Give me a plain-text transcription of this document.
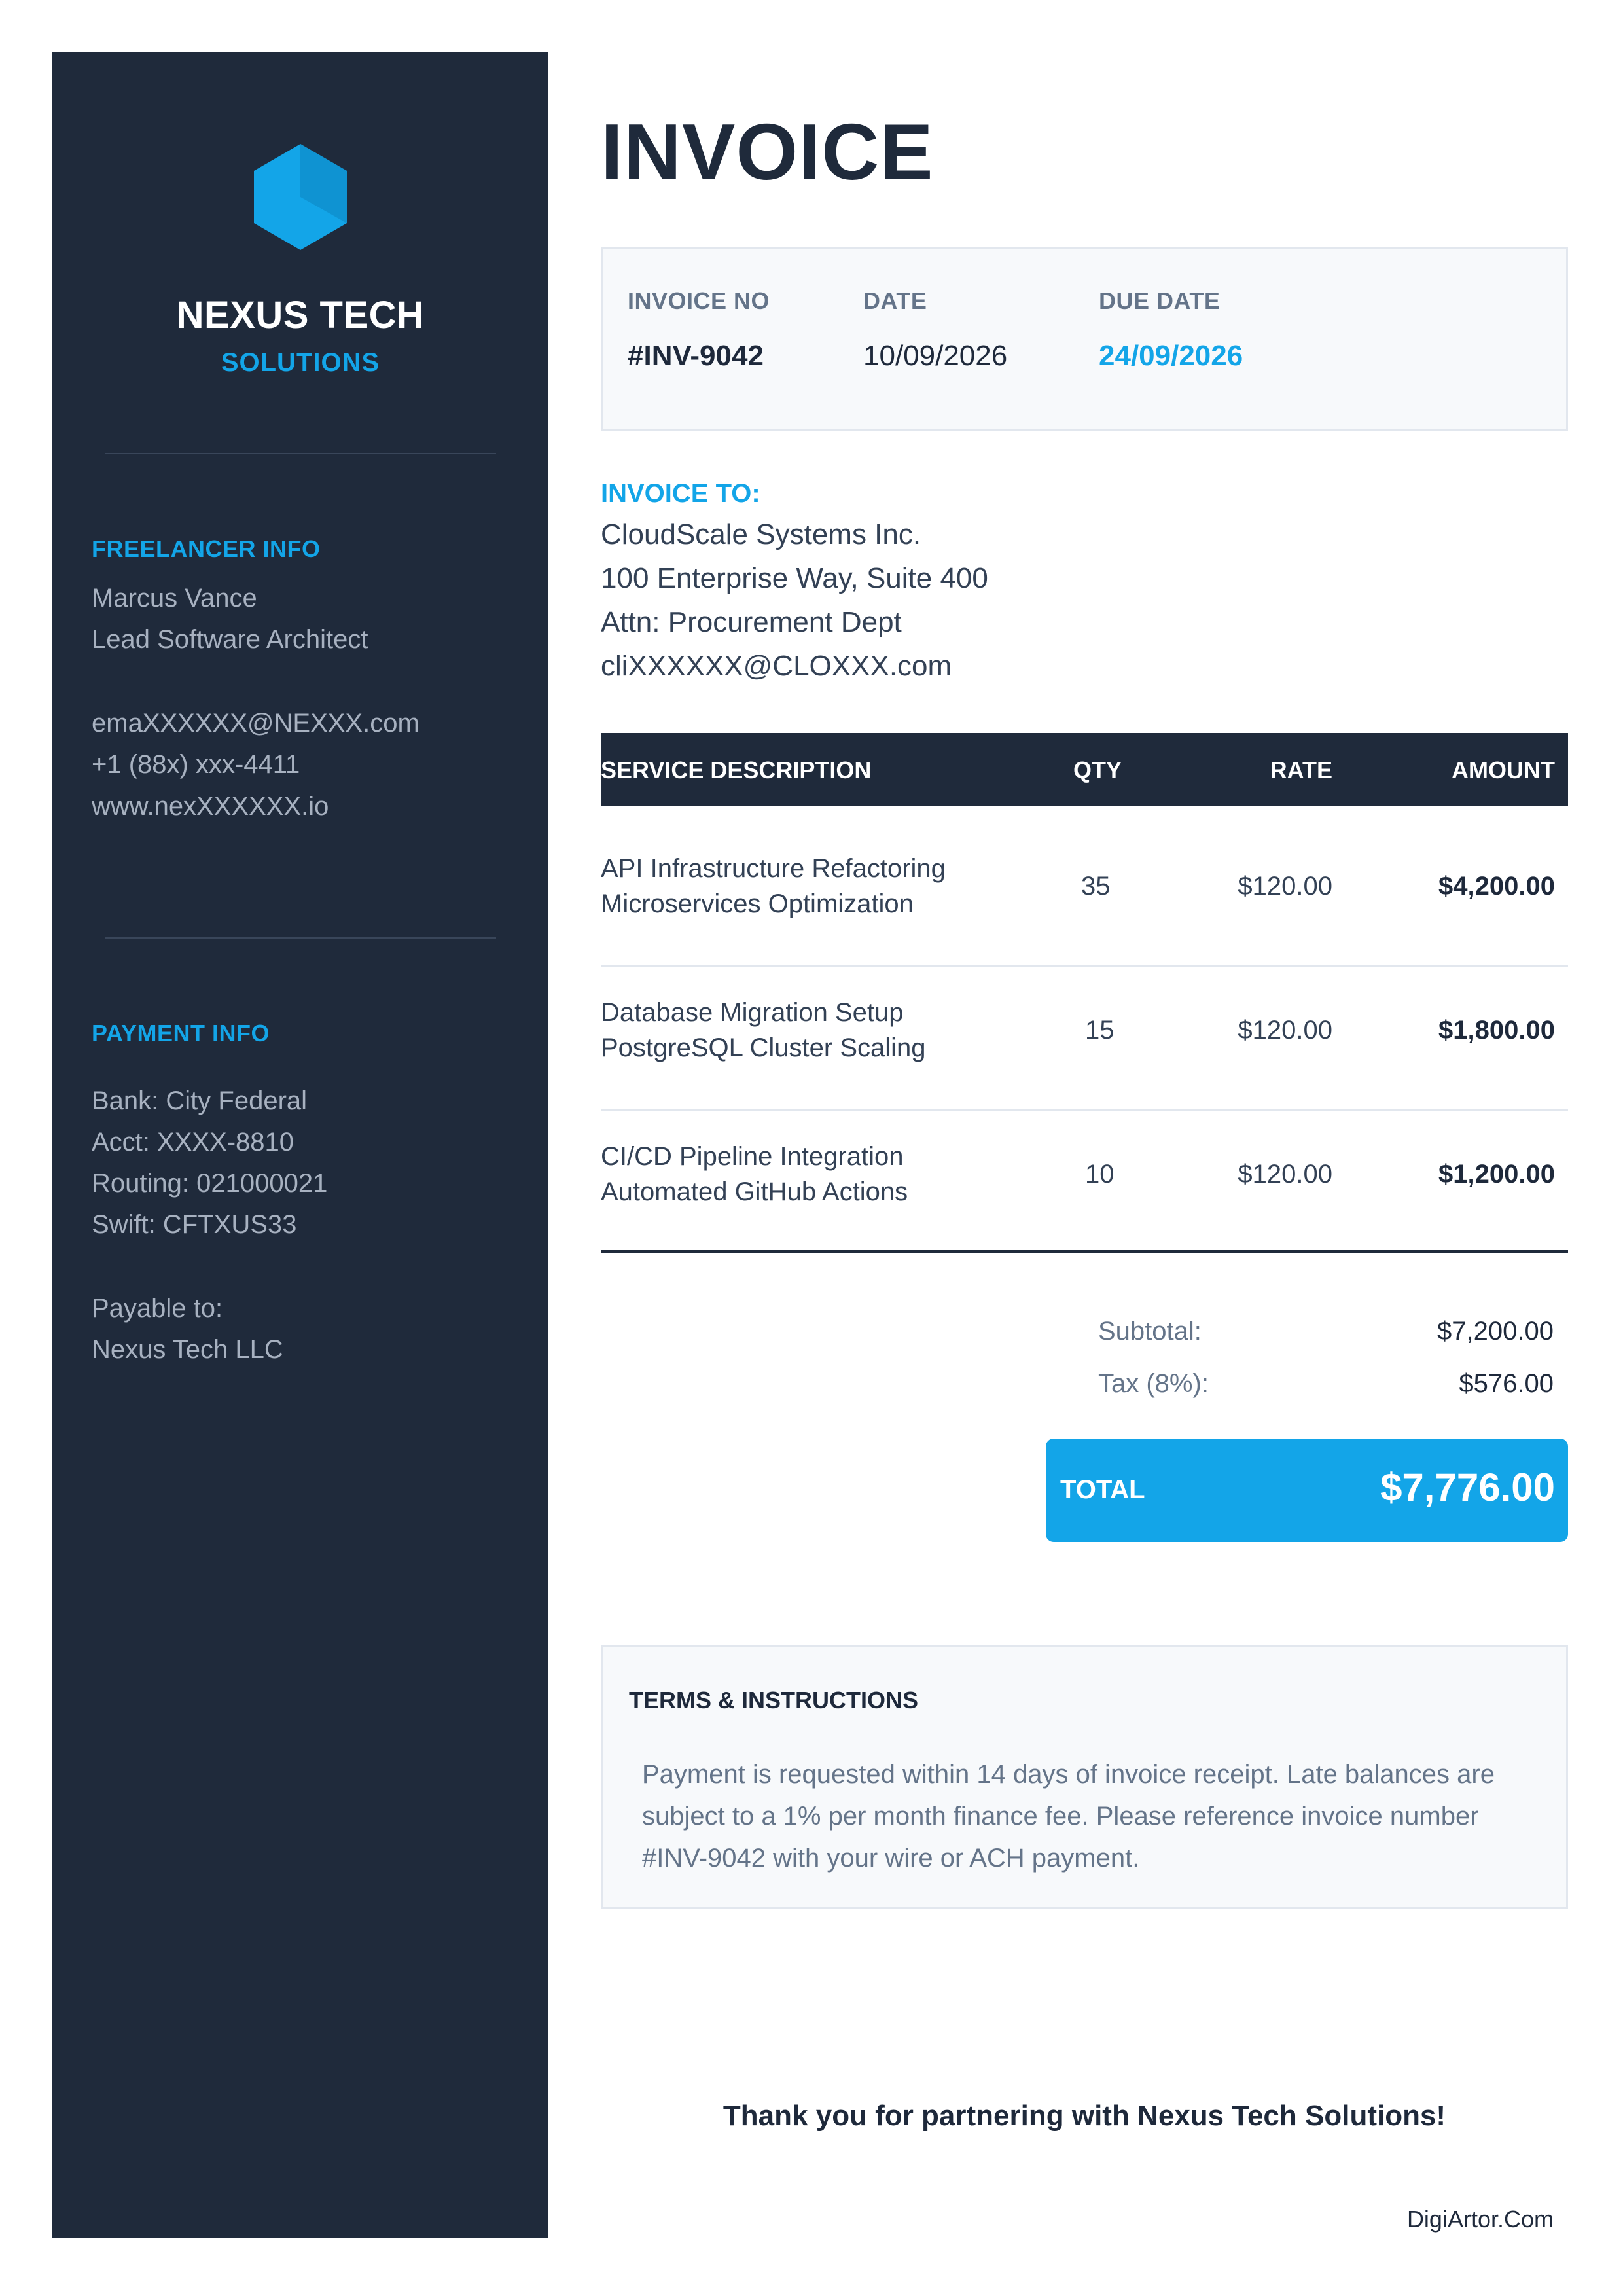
NEXUS TECH
SOLUTIONS
FREELANCER INFO
Marcus Vance
Lead Software Architect
emaXXXXXX@NEXXX.com
+1 (88x) xxx-4411
www.nexXXXXXX.io
PAYMENT INFO
Bank: City Federal
Acct: XXXX-8810
Routing: 021000021
Swift: CFTXUS33
Payable to:
Nexus Tech LLC
INVOICE
INVOICE NO
#INV-9042
DATE
10/09/2026
DUE DATE
24/09/2026
INVOICE TO:
CloudScale Systems Inc.
100 Enterprise Way, Suite 400
Attn: Procurement Dept
cliXXXXXX@CLOXXX.com
SERVICE DESCRIPTION	QTY	RATE	AMOUNT
API Infrastructure Refactoring
Microservices Optimization
35	$120.00	$4,200.00
Database Migration Setup
PostgreSQL Cluster Scaling
15	$120.00	$1,800.00
CI/CD Pipeline Integration
Automated GitHub Actions
10	$120.00	$1,200.00
Subtotal:	$7,200.00
Tax (8%):	$576.00
TOTAL	$7,776.00
TERMS & INSTRUCTIONS
Payment is requested within 14 days of invoice receipt. Late balances are subject to a 1% per month finance fee. Please reference invoice number #INV-9042 with your wire or ACH payment.
Thank you for partnering with Nexus Tech Solutions!
DigiArtor.Com
